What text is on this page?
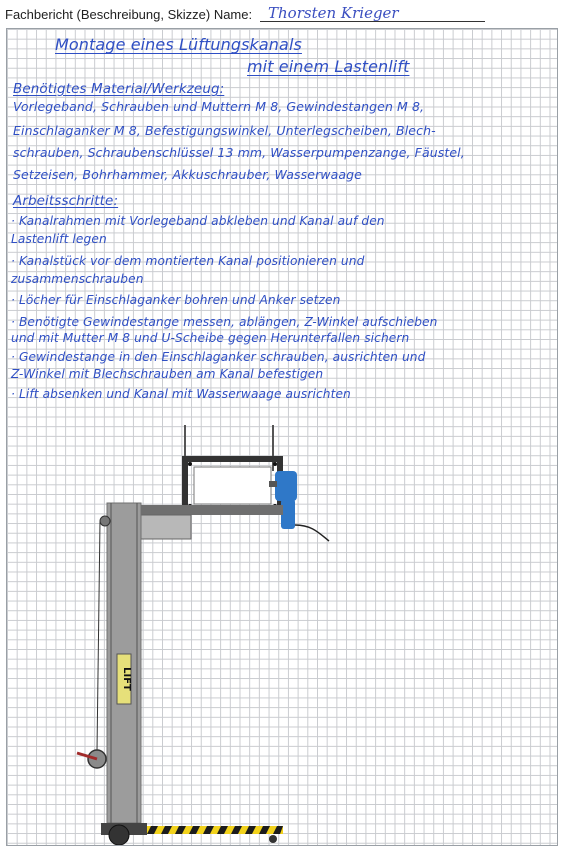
Fachbericht (Beschreibung, Skizze) Name: Thorsten Krieger
Montage eines Lüftungskanals
mit einem Lastenlift
Benötigtes Material/Werkzeug:
Vorlegeband, Schrauben und Muttern M 8, Gewindestangen M 8,
Einschlaganker M 8, Befestigungswinkel, Unterlegscheiben, Blech-
schrauben, Schraubenschlüssel 13 mm, Wasserpumpenzange, Fäustel,
Setzeisen, Bohrhammer, Akkuschrauber, Wasserwaage
Arbeitsschritte:
· Kanalrahmen mit Vorlegeband abkleben und Kanal auf den
Lastenlift legen
· Kanalstück vor dem montierten Kanal positionieren und
zusammenschrauben
· Löcher für Einschlaganker bohren und Anker setzen
· Benötigte Gewindestange messen, ablängen, Z-Winkel aufschieben
und mit Mutter M 8 und U-Scheibe gegen Herunterfallen sichern
· Gewindestange in den Einschlaganker schrauben, ausrichten und
Z-Winkel mit Blechschrauben am Kanal befestigen
· Lift absenken und Kanal mit Wasserwaage ausrichten
LIFT
